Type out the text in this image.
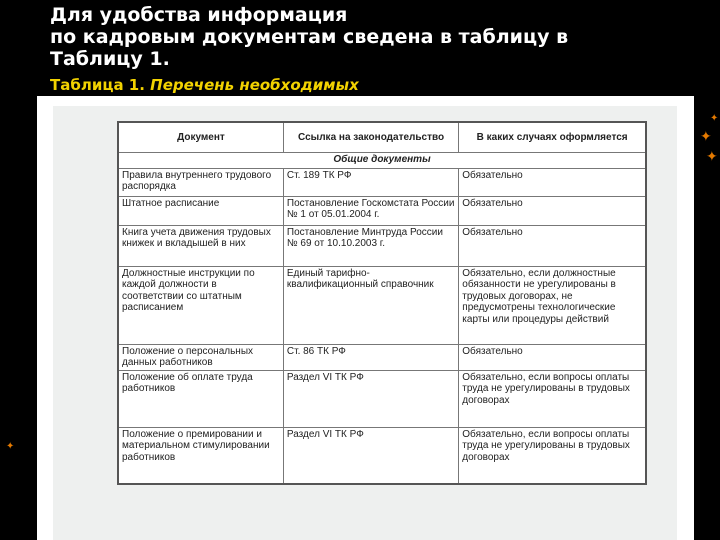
Для удобства информация
по кадровым документам сведена в таблицу в
Таблицу 1.
Таблица 1. Перечень необходимых
✦
✦
✦
✦
Документ	Ссылка на законодательство	В каких случаях оформляется
Общие документы		
Правила внутреннего трудового распорядка	Ст. 189 ТК РФ	Обязательно
Штатное расписание	Постановление Госкомстата России № 1 от 05.01.2004 г.	Обязательно
Книга учета движения трудовых книжек и вкладышей в них	Постановление Минтруда России № 69 от 10.10.2003 г.	Обязательно
Должностные инструкции по каждой должности в соответствии со штатным расписанием	Единый тарифно-квалификационный справочник	Обязательно, если должностные обязанности не урегулированы в трудовых договорах, не предусмотрены технологические карты или процедуры действий
Положение о персональных данных работников	Ст. 86 ТК РФ	Обязательно
Положение об оплате труда работников	Раздел VI ТК РФ	Обязательно, если вопросы оплаты труда не урегулированы в трудовых договорах
Положение о премировании и материальном стимулировании работников	Раздел VI ТК РФ	Обязательно, если вопросы оплаты труда не урегулированы в трудовых договорах
